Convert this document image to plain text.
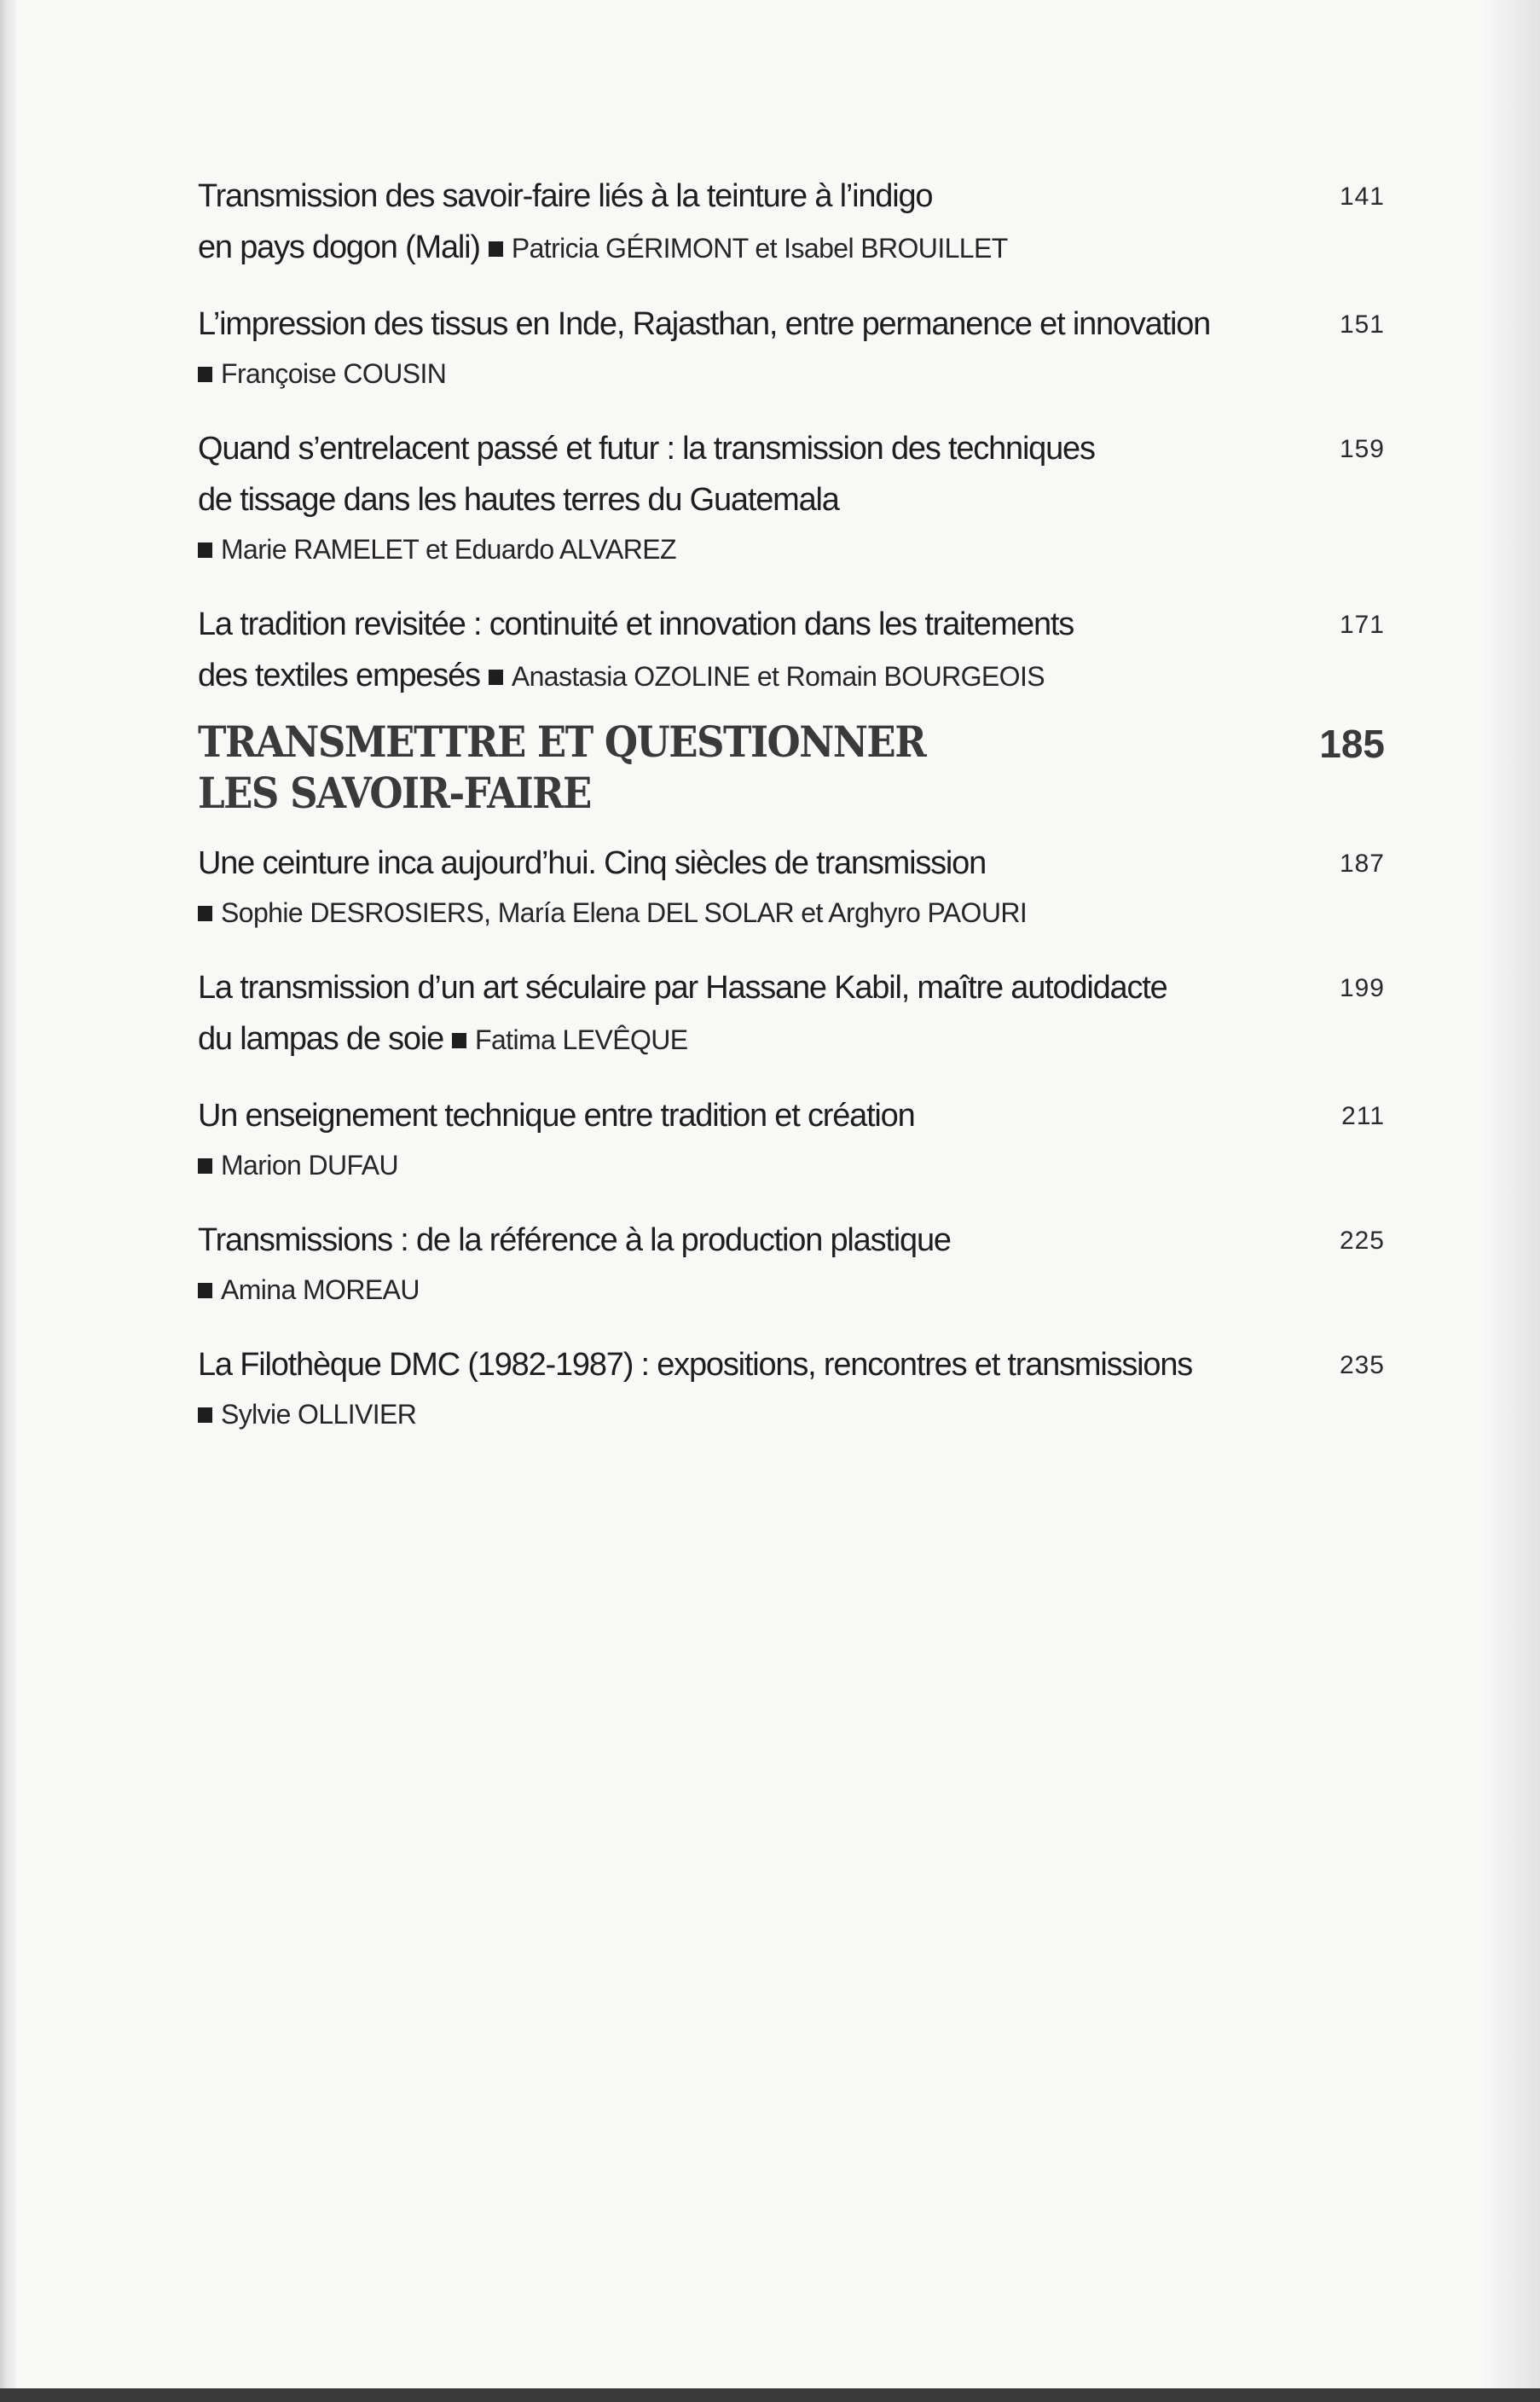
Transmission des savoir-faire liés à la teinture à l’indigo
en pays dogon (Mali) Patricia GÉRIMONT et Isabel BROUILLET
141
L’impression des tissus en Inde, Rajasthan, entre permanence et innovation
Françoise COUSIN
151
Quand s’entrelacent passé et futur : la transmission des techniques
de tissage dans les hautes terres du Guatemala
Marie RAMELET et Eduardo ALVAREZ
159
La tradition revisitée : continuité et innovation dans les traitements
des textiles empesés Anastasia OZOLINE et Romain BOURGEOIS
171
TRANSMETTRE ET QUESTIONNER
LES SAVOIR-FAIRE
185
Une ceinture inca aujourd’hui. Cinq siècles de transmission
Sophie DESROSIERS, María Elena DEL SOLAR et Arghyro PAOURI
187
La transmission d’un art séculaire par Hassane Kabil, maître autodidacte
du lampas de soie Fatima LEVÊQUE
199
Un enseignement technique entre tradition et création
Marion DUFAU
211
Transmissions : de la référence à la production plastique
Amina MOREAU
225
La Filothèque DMC (1982-1987) : expositions, rencontres et transmissions
Sylvie OLLIVIER
235
